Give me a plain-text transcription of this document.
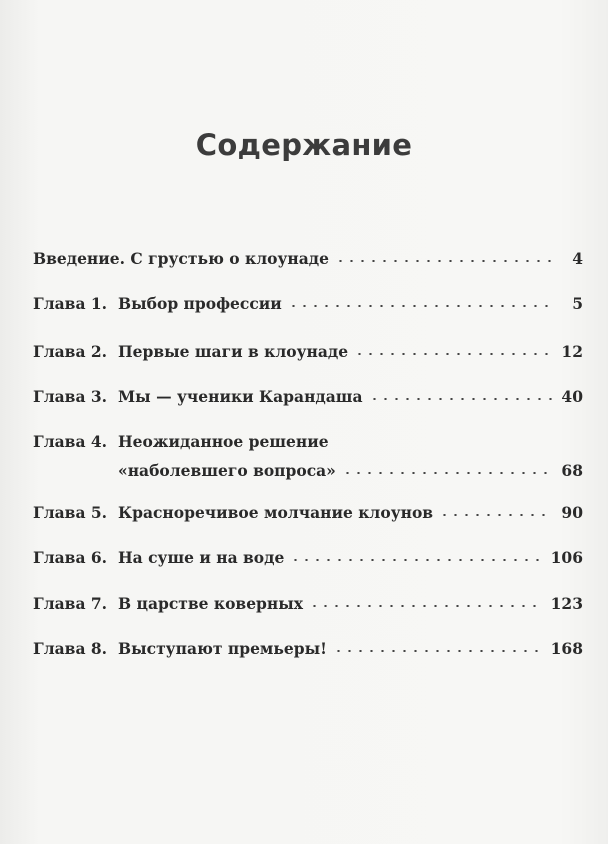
Содержание
Введение. С грустью о клоунаде	4
Глава 1. Выбор профессии	5
Глава 2. Первые шаги в клоунаде	12
Глава 3. Мы — ученики Карандаша	40
Глава 4. Неожиданное решение
«наболевшего вопроса»	68
Глава 5. Красноречивое молчание клоунов	90
Глава 6. На суше и на воде	106
Глава 7. В царстве коверных	123
Глава 8. Выступают премьеры!	168
